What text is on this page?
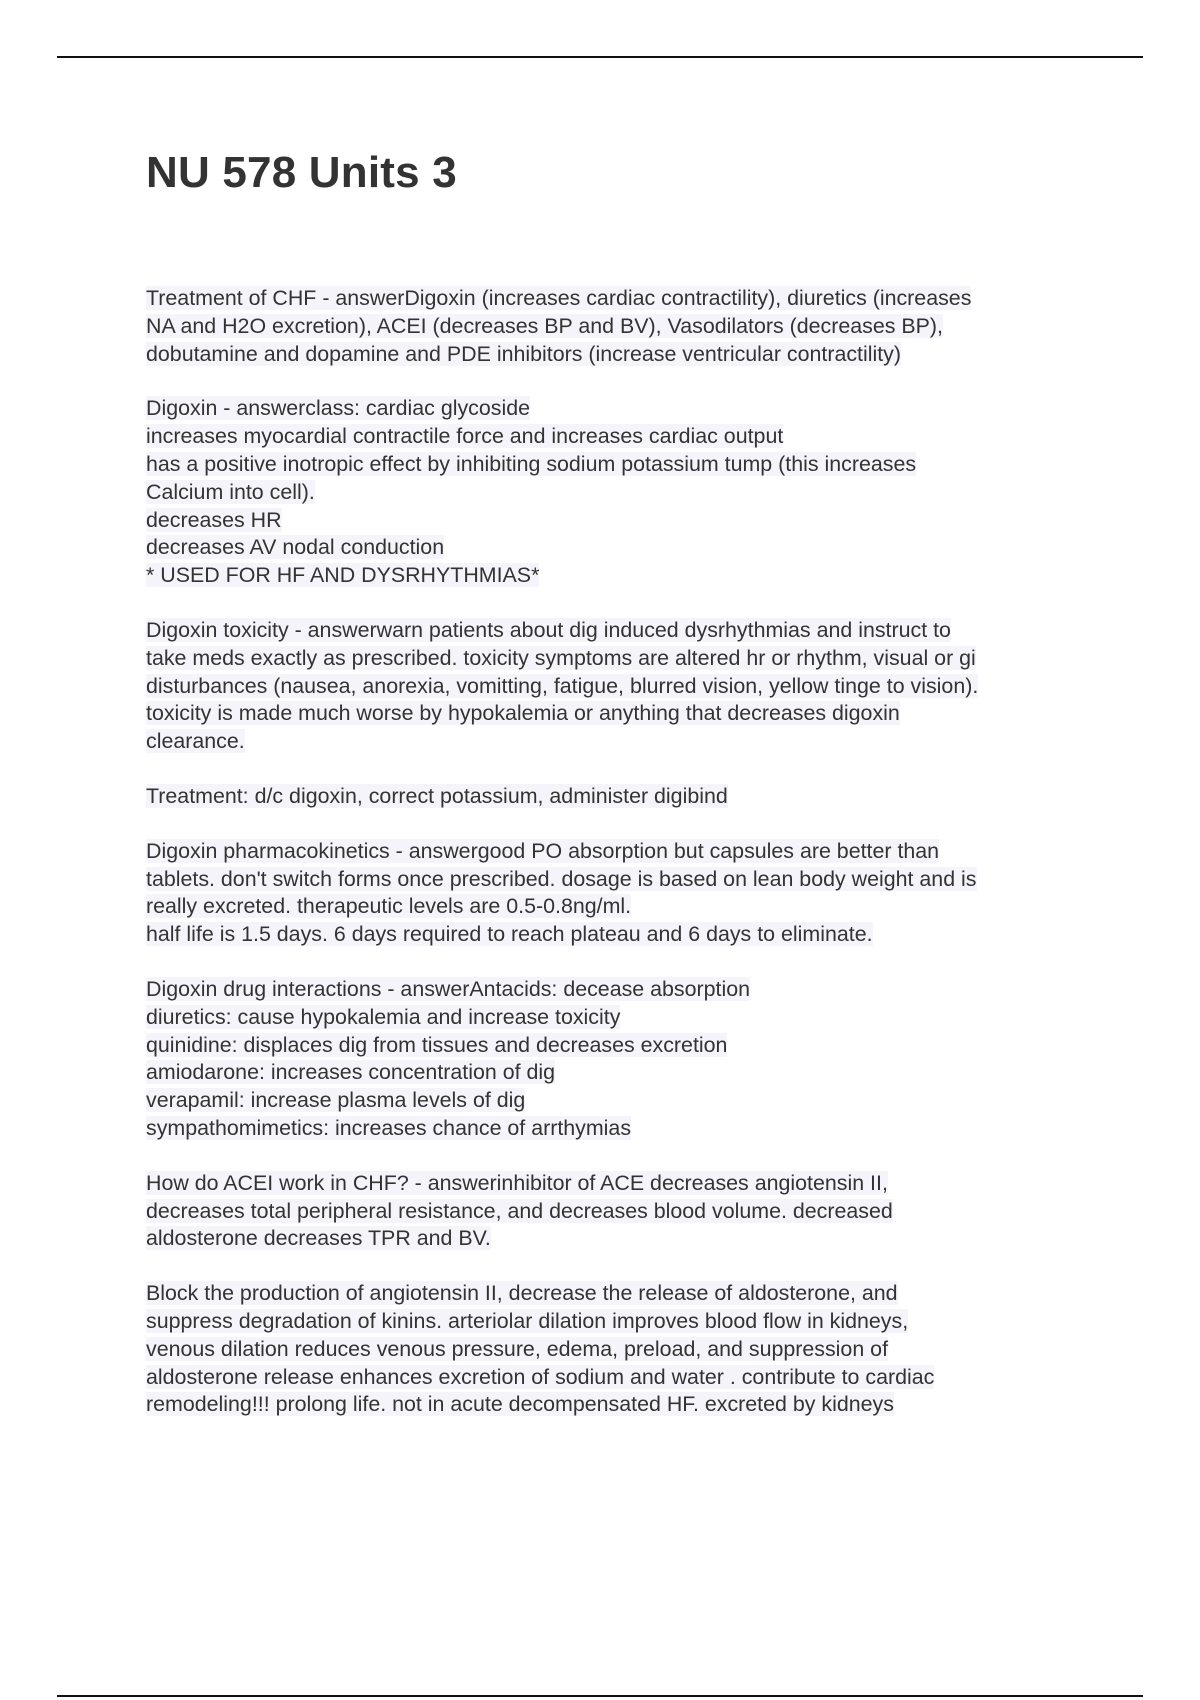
NU 578 Units 3
Treatment of CHF - answerDigoxin (increases cardiac contractility), diuretics (increases
NA and H2O excretion), ACEI (decreases BP and BV), Vasodilators (decreases BP),
dobutamine and dopamine and PDE inhibitors (increase ventricular contractility)
Digoxin - answerclass: cardiac glycoside
increases myocardial contractile force and increases cardiac output
has a positive inotropic effect by inhibiting sodium potassium tump (this increases
Calcium into cell).
decreases HR
decreases AV nodal conduction
* USED FOR HF AND DYSRHYTHMIAS*
Digoxin toxicity - answerwarn patients about dig induced dysrhythmias and instruct to
take meds exactly as prescribed. toxicity symptoms are altered hr or rhythm, visual or gi
disturbances (nausea, anorexia, vomitting, fatigue, blurred vision, yellow tinge to vision).
toxicity is made much worse by hypokalemia or anything that decreases digoxin
clearance.
Treatment: d/c digoxin, correct potassium, administer digibind
Digoxin pharmacokinetics - answergood PO absorption but capsules are better than
tablets. don't switch forms once prescribed. dosage is based on lean body weight and is
really excreted. therapeutic levels are 0.5-0.8ng/ml.
half life is 1.5 days. 6 days required to reach plateau and 6 days to eliminate.
Digoxin drug interactions - answerAntacids: decease absorption
diuretics: cause hypokalemia and increase toxicity
quinidine: displaces dig from tissues and decreases excretion
amiodarone: increases concentration of dig
verapamil: increase plasma levels of dig
sympathomimetics: increases chance of arrthymias
How do ACEI work in CHF? - answerinhibitor of ACE decreases angiotensin II,
decreases total peripheral resistance, and decreases blood volume. decreased
aldosterone decreases TPR and BV.
Block the production of angiotensin II, decrease the release of aldosterone, and
suppress degradation of kinins. arteriolar dilation improves blood flow in kidneys,
venous dilation reduces venous pressure, edema, preload, and suppression of
aldosterone release enhances excretion of sodium and water . contribute to cardiac
remodeling!!! prolong life. not in acute decompensated HF. excreted by kidneys
